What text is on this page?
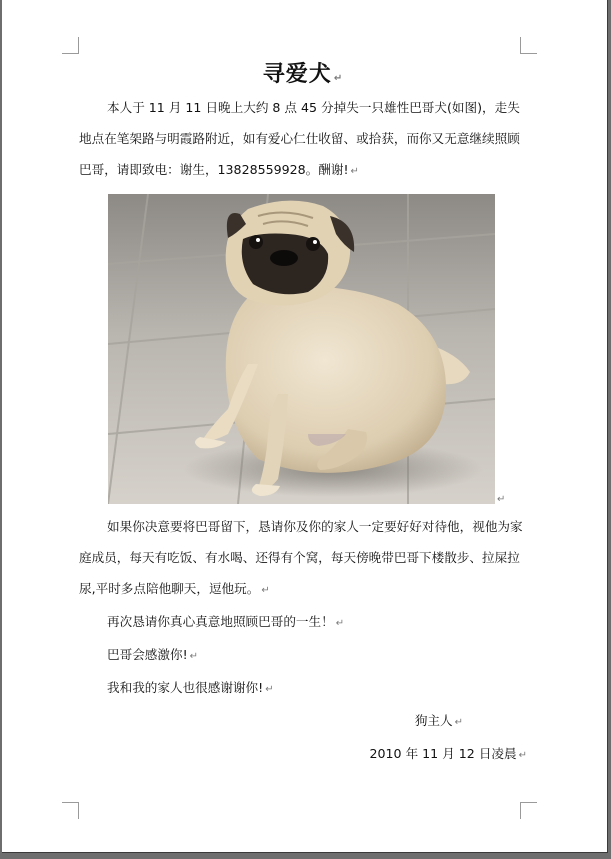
寻爱犬 ↵

本人于 11 月 11 日晚上大约 8 点 45 分掉失一只雄性巴哥犬(如图)，走失地点在笔架路与明霞路附近，如有爱心仁仕收留、或拾获，而你又无意继续照顾巴哥，请即致电：谢生，13828559928。酬谢! ↵

↵

如果你决意要将巴哥留下，恳请你及你的家人一定要好好对待他，视他为家庭成员，每天有吃饭、有水喝、还得有个窝，每天傍晚带巴哥下楼散步、拉屎拉尿,平时多点陪他聊天，逗他玩。 ↵

再次恳请你真心真意地照顾巴哥的一生！ ↵

巴哥会感激你! ↵

我和我的家人也很感谢谢你! ↵

狗主人 ↵

2010 年 11 月 12 日凌晨 ↵
